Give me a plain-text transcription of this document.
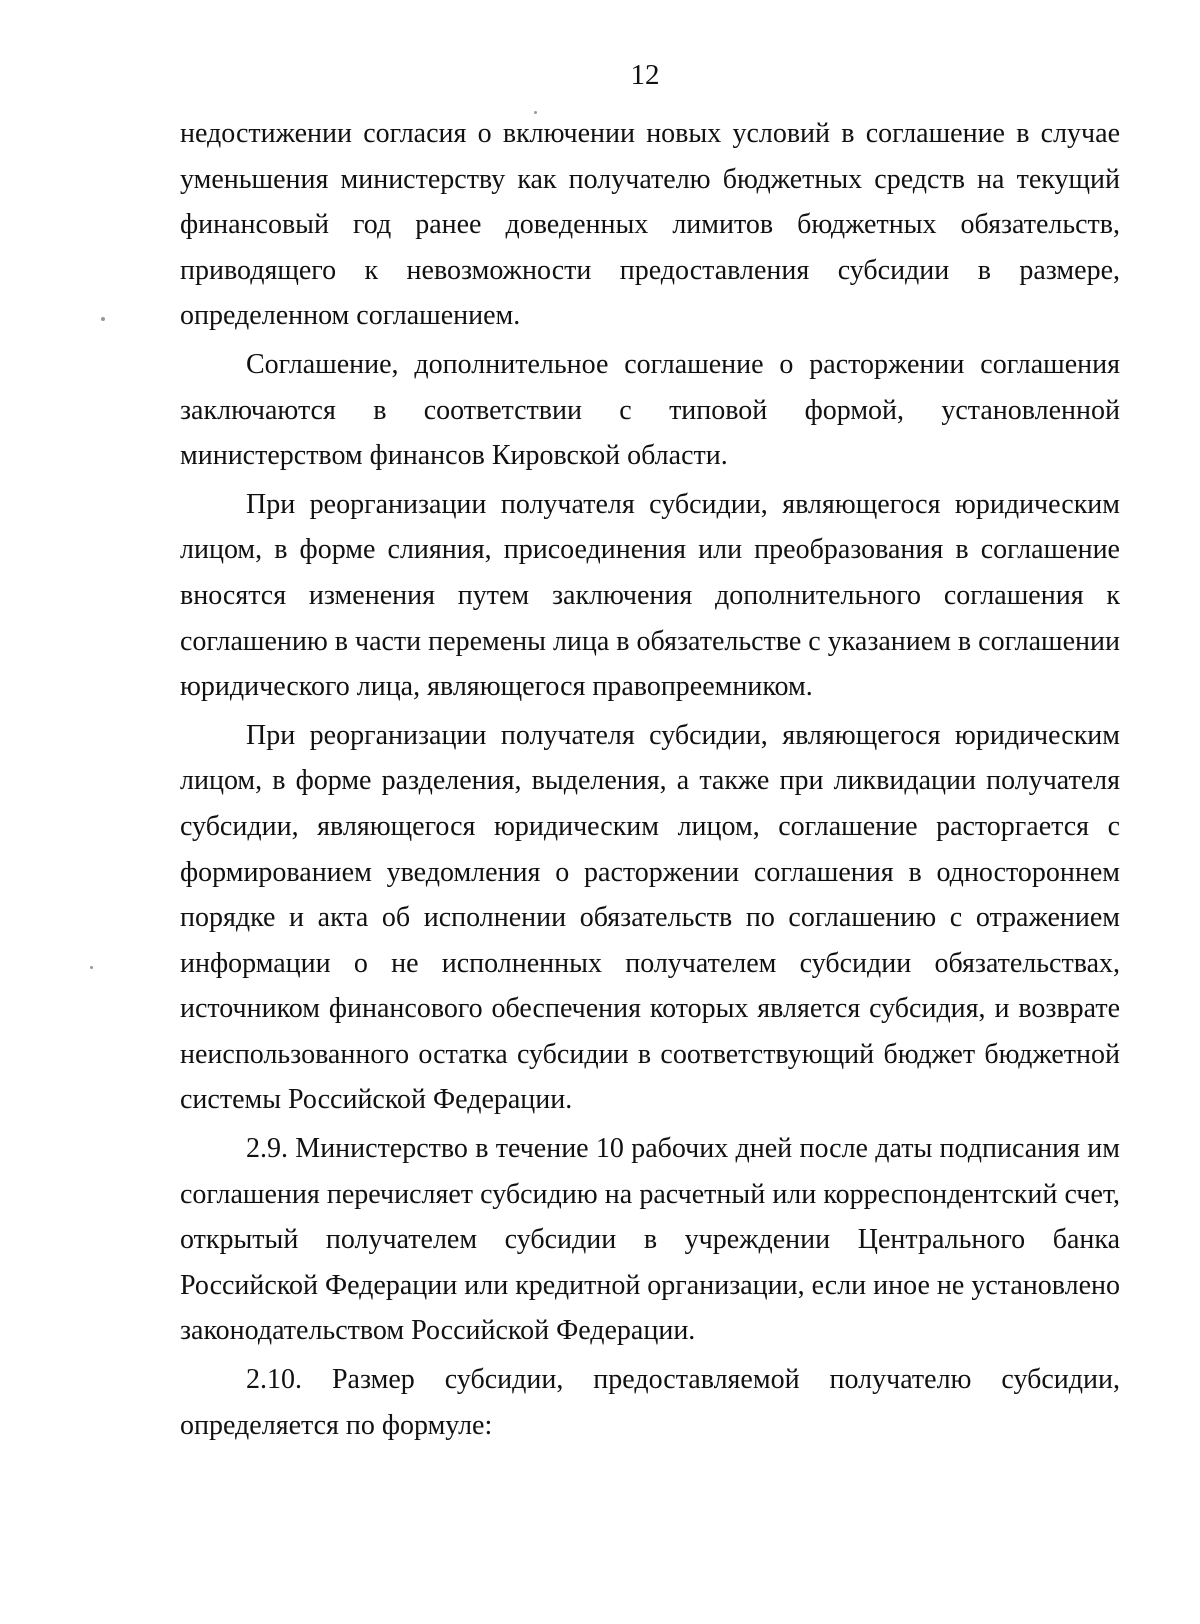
12

недостижении согласия о включении новых условий в соглашение в случае уменьшения министерству как получателю бюджетных средств на текущий финансовый год ранее доведенных лимитов бюджетных обязательств, приводящего к невозможности предоставления субсидии в размере, определенном соглашением.

Соглашение, дополнительное соглашение о расторжении соглашения заключаются в соответствии с типовой формой, установленной министерством финансов Кировской области.

При реорганизации получателя субсидии, являющегося юридическим лицом, в форме слияния, присоединения или преобразования в соглашение вносятся изменения путем заключения дополнительного соглашения к соглашению в части перемены лица в обязательстве с указанием в соглашении юридического лица, являющегося правопреемником.

При реорганизации получателя субсидии, являющегося юридическим лицом, в форме разделения, выделения, а также при ликвидации получателя субсидии, являющегося юридическим лицом, соглашение расторгается с формированием уведомления о расторжении соглашения в одностороннем порядке и акта об исполнении обязательств по соглашению с отражением информации о не исполненных получателем субсидии обязательствах, источником финансового обеспечения которых является субсидия, и возврате неиспользованного остатка субсидии в соответствующий бюджет бюджетной системы Российской Федерации.

2.9. Министерство в течение 10 рабочих дней после даты подписания им соглашения перечисляет субсидию на расчетный или корреспондентский счет, открытый получателем субсидии в учреждении Центрального банка Российской Федерации или кредитной организации, если иное не установлено законодательством Российской Федерации.

2.10. Размер субсидии, предоставляемой получателю субсидии, определяется по формуле:
